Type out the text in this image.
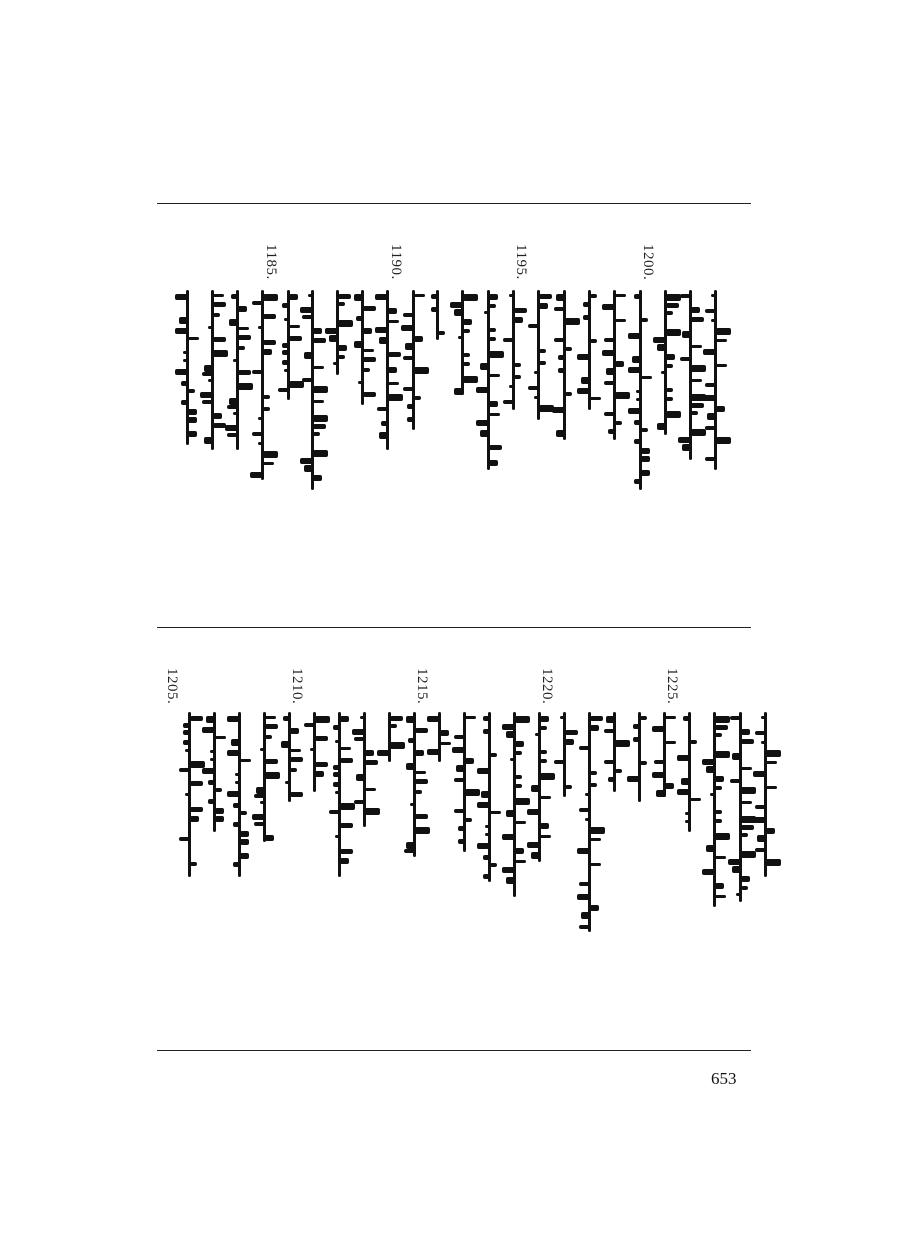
1200.
1195.
1190.
1185.
1225.
1220.
1215.
1210.
1205.
653
